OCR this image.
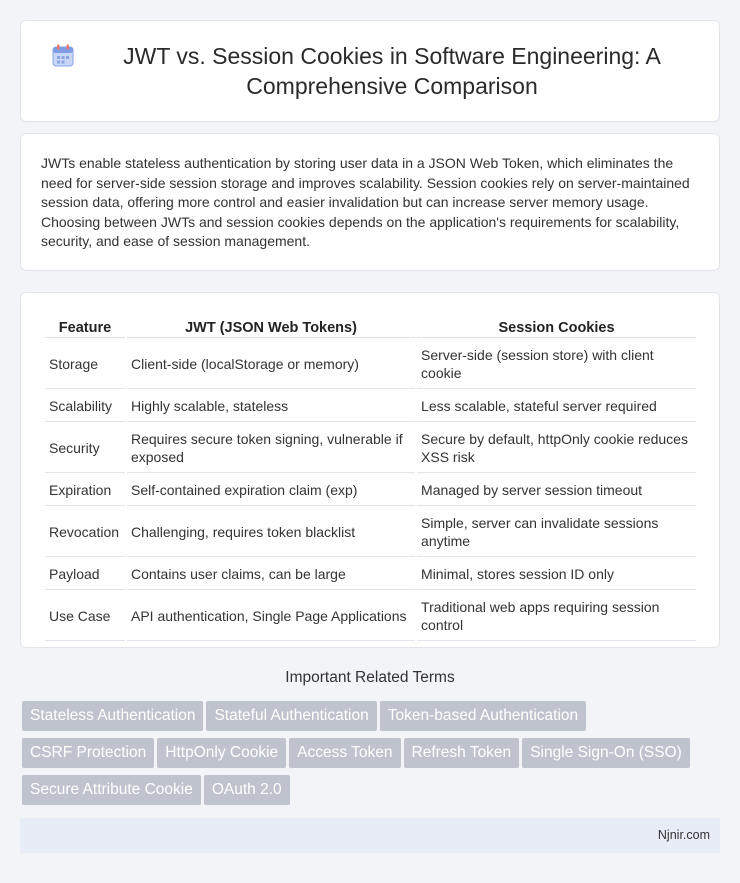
JWT vs. Session Cookies in Software Engineering: A Comprehensive Comparison

JWTs enable stateless authentication by storing user data in a JSON Web Token, which eliminates the need for server-side session storage and improves scalability. Session cookies rely on server-maintained session data, offering more control and easier invalidation but can increase server memory usage. Choosing between JWTs and session cookies depends on the application's requirements for scalability, security, and ease of session management.

Feature	JWT (JSON Web Tokens)	Session Cookies
Storage	Client-side (localStorage or memory)	Server-side (session store) with client cookie
Scalability	Highly scalable, stateless	Less scalable, stateful server required
Security	Requires secure token signing, vulnerable if exposed	Secure by default, httpOnly cookie reduces XSS risk
Expiration	Self-contained expiration claim (exp)	Managed by server session timeout
Revocation	Challenging, requires token blacklist	Simple, server can invalidate sessions anytime
Payload	Contains user claims, can be large	Minimal, stores session ID only
Use Case	API authentication, Single Page Applications	Traditional web apps requiring session control
Important Related Terms
Stateless Authentication Stateful Authentication Token-based Authentication
CSRF Protection HttpOnly Cookie Access Token Refresh Token Single Sign-On (SSO)
Secure Attribute Cookie OAuth 2.0
Njnir.com
